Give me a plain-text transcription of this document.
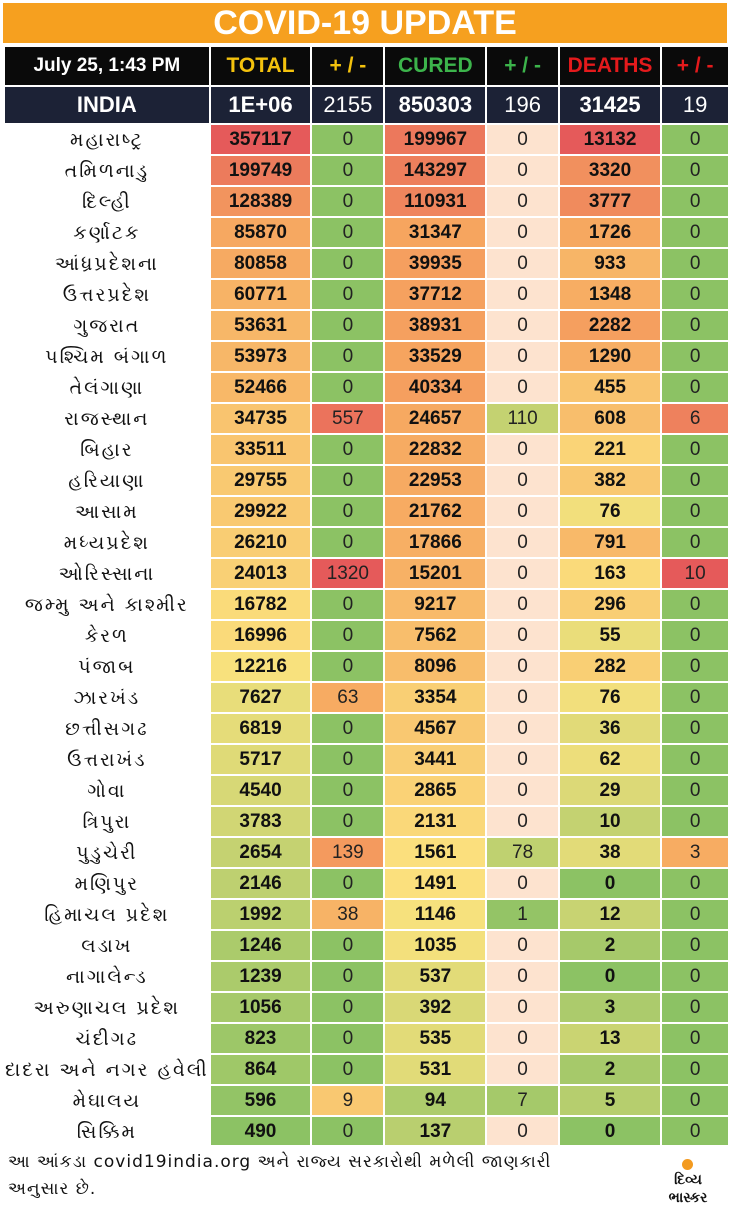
COVID-19 UPDATE
July 25, 1:43 PM	TOTAL	+ / -	CURED	+ / -	DEATHS	+ / -
INDIA	1E+06	2155	850303	196	31425	19
મહારાષ્ટ્ર	357117	0	199967	0	13132	0
તમિળનાડુ	199749	0	143297	0	3320	0
દિલ્હી	128389	0	110931	0	3777	0
કર્ણાટક	85870	0	31347	0	1726	0
આંધ્રપ્રદેશના	80858	0	39935	0	933	0
ઉત્તરપ્રદેશ	60771	0	37712	0	1348	0
ગુજરાત	53631	0	38931	0	2282	0
પશ્ચિમ બંગાળ	53973	0	33529	0	1290	0
તેલંગાણા	52466	0	40334	0	455	0
રાજસ્થાન	34735	557	24657	110	608	6
બિહાર	33511	0	22832	0	221	0
હરિયાણા	29755	0	22953	0	382	0
આસામ	29922	0	21762	0	76	0
મધ્યપ્રદેશ	26210	0	17866	0	791	0
ઓરિસ્સાના	24013	1320	15201	0	163	10
જમ્મુ અને કાશ્મીર	16782	0	9217	0	296	0
કેરળ	16996	0	7562	0	55	0
પંજાબ	12216	0	8096	0	282	0
ઝારખંડ	7627	63	3354	0	76	0
છત્તીસગઢ	6819	0	4567	0	36	0
ઉત્તરાખંડ	5717	0	3441	0	62	0
ગોવા	4540	0	2865	0	29	0
ત્રિપુરા	3783	0	2131	0	10	0
પુડુચેરી	2654	139	1561	78	38	3
મણિપુર	2146	0	1491	0	0	0
હિમાચલ પ્રદેશ	1992	38	1146	1	12	0
લડાખ	1246	0	1035	0	2	0
નાગાલેન્ડ	1239	0	537	0	0	0
અરુણાચલ પ્રદેશ	1056	0	392	0	3	0
ચંદીગઢ	823	0	535	0	13	0
દાદરા અને નગર હવેલી	864	0	531	0	2	0
મેઘાલય	596	9	94	7	5	0
સિક્કિમ	490	0	137	0	0	0
આ આંકડા covid19india.org અને રાજ્ય સરકારોથી મળેલી જાણકારી અનુસાર છે.	દિવ્ય
ભાસ્કર
